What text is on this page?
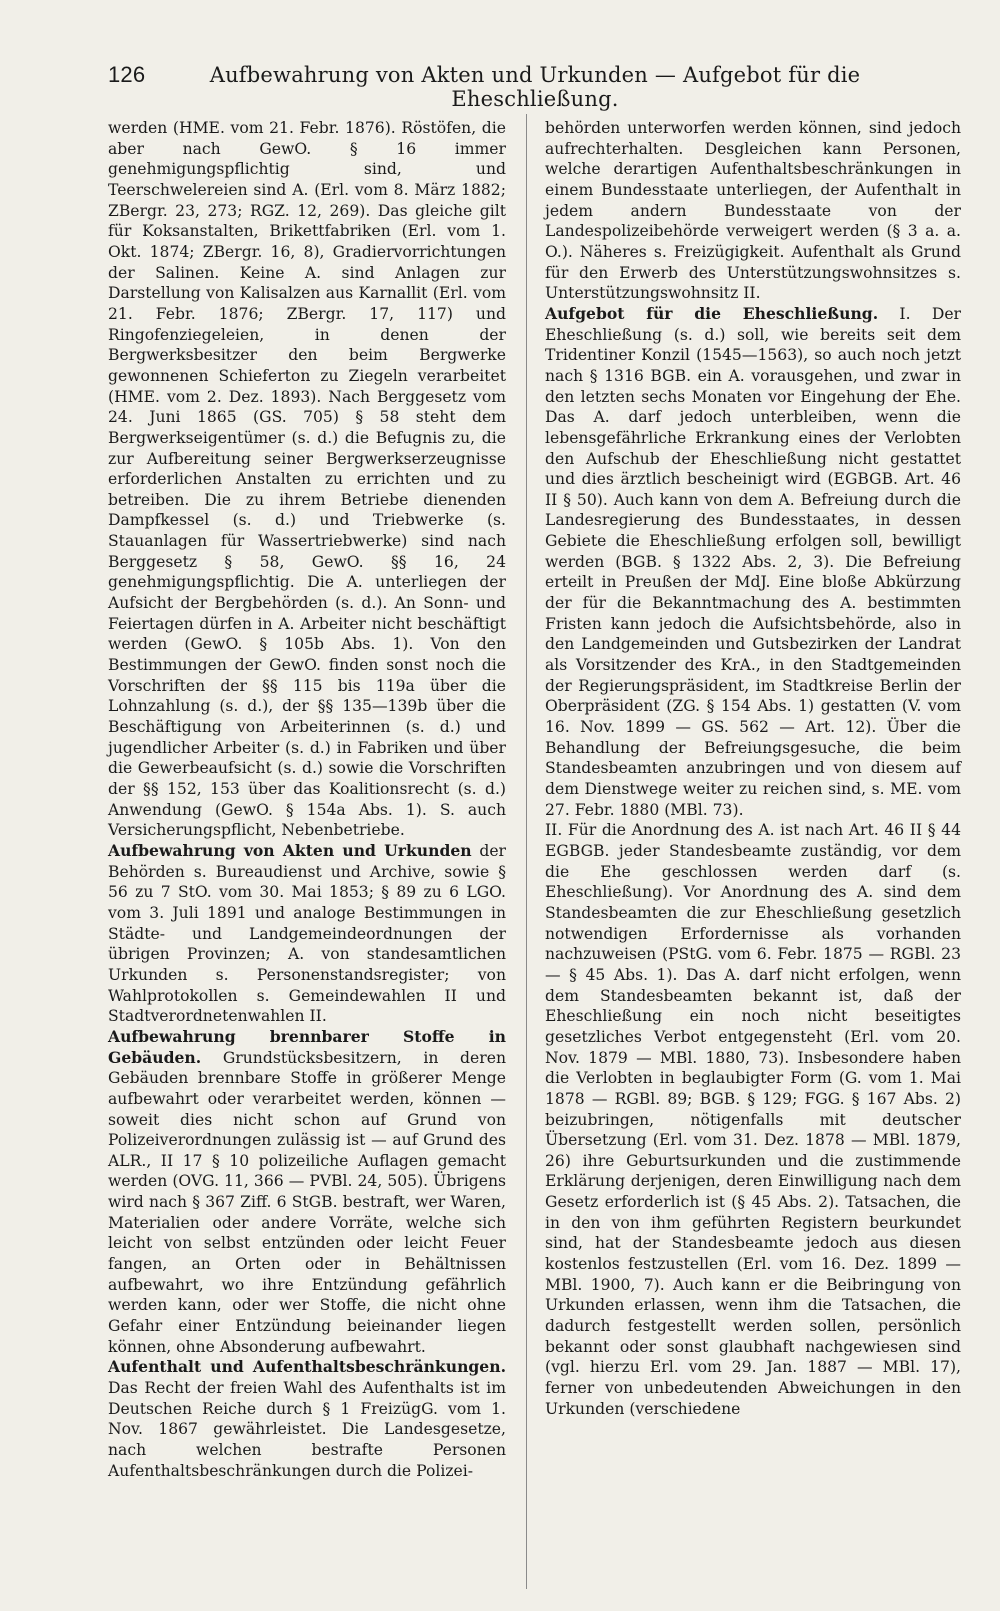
126	Aufbewahrung von Akten und Urkunden — Aufgebot für die Eheschließung.

werden (HME. vom 21. Febr. 1876). Röstöfen, die aber nach GewO. § 16 immer genehmigungspflichtig sind, und Teerschwelereien sind A. (Erl. vom 8. März 1882; ZBergr. 23, 273; RGZ. 12, 269). Das gleiche gilt für Koksanstalten, Brikettfabriken (Erl. vom 1. Okt. 1874; ZBergr. 16, 8), Gradiervorrichtungen der Salinen. Keine A. sind Anlagen zur Darstellung von Kalisalzen aus Karnallit (Erl. vom 21. Febr. 1876; ZBergr. 17, 117) und Ringofenziegeleien, in denen der Bergwerksbesitzer den beim Bergwerke gewonnenen Schieferton zu Ziegeln verarbeitet (HME. vom 2. Dez. 1893). Nach Berggesetz vom 24. Juni 1865 (GS. 705) § 58 steht dem Bergwerkseigentümer (s. d.) die Befugnis zu, die zur Aufbereitung seiner Bergwerkserzeugnisse erforderlichen Anstalten zu errichten und zu betreiben. Die zu ihrem Betriebe dienenden Dampfkessel (s. d.) und Triebwerke (s. Stauanlagen für Wassertriebwerke) sind nach Berggesetz § 58, GewO. §§ 16, 24 genehmigungspflichtig. Die A. unterliegen der Aufsicht der Bergbehörden (s. d.). An Sonn- und Feiertagen dürfen in A. Arbeiter nicht beschäftigt werden (GewO. § 105b Abs. 1). Von den Bestimmungen der GewO. finden sonst noch die Vorschriften der §§ 115 bis 119a über die Lohnzahlung (s. d.), der §§ 135—139b über die Beschäftigung von Arbeiterinnen (s. d.) und jugendlicher Arbeiter (s. d.) in Fabriken und über die Gewerbeaufsicht (s. d.) sowie die Vorschriften der §§ 152, 153 über das Koalitionsrecht (s. d.) Anwendung (GewO. § 154a Abs. 1). S. auch Versicherungspflicht, Nebenbetriebe.

Aufbewahrung von Akten und Urkunden der Behörden s. Bureaudienst und Archive, sowie § 56 zu 7 StO. vom 30. Mai 1853; § 89 zu 6 LGO. vom 3. Juli 1891 und analoge Bestimmungen in Städte- und Landgemeindeordnungen der übrigen Provinzen; A. von standesamtlichen Urkunden s. Personenstandsregister; von Wahlprotokollen s. Gemeindewahlen II und Stadtverordnetenwahlen II.

Aufbewahrung brennbarer Stoffe in Gebäuden. Grundstücksbesitzern, in deren Gebäuden brennbare Stoffe in größerer Menge aufbewahrt oder verarbeitet werden, können — soweit dies nicht schon auf Grund von Polizeiverordnungen zulässig ist — auf Grund des ALR., II 17 § 10 polizeiliche Auflagen gemacht werden (OVG. 11, 366 — PVBl. 24, 505). Übrigens wird nach § 367 Ziff. 6 StGB. bestraft, wer Waren, Materialien oder andere Vorräte, welche sich leicht von selbst entzünden oder leicht Feuer fangen, an Orten oder in Behältnissen aufbewahrt, wo ihre Entzündung gefährlich werden kann, oder wer Stoffe, die nicht ohne Gefahr einer Entzündung beieinander liegen können, ohne Absonderung aufbewahrt.

Aufenthalt und Aufenthaltsbeschränkungen. Das Recht der freien Wahl des Aufenthalts ist im Deutschen Reiche durch § 1 FreizügG. vom 1. Nov. 1867 gewährleistet. Die Landesgesetze, nach welchen bestrafte Personen Aufenthaltsbeschränkungen durch die Polizei-

behörden unterworfen werden können, sind jedoch aufrechterhalten. Desgleichen kann Personen, welche derartigen Aufenthaltsbeschränkungen in einem Bundesstaate unterliegen, der Aufenthalt in jedem andern Bundesstaate von der Landespolizeibehörde verweigert werden (§ 3 a. a. O.). Näheres s. Freizügigkeit. Aufenthalt als Grund für den Erwerb des Unterstützungswohnsitzes s. Unterstützungswohnsitz II.

Aufgebot für die Eheschließung. I. Der Eheschließung (s. d.) soll, wie bereits seit dem Tridentiner Konzil (1545—1563), so auch noch jetzt nach § 1316 BGB. ein A. vorausgehen, und zwar in den letzten sechs Monaten vor Eingehung der Ehe. Das A. darf jedoch unterbleiben, wenn die lebensgefährliche Erkrankung eines der Verlobten den Aufschub der Eheschließung nicht gestattet und dies ärztlich bescheinigt wird (EGBGB. Art. 46 II § 50). Auch kann von dem A. Befreiung durch die Landesregierung des Bundesstaates, in dessen Gebiete die Eheschließung erfolgen soll, bewilligt werden (BGB. § 1322 Abs. 2, 3). Die Befreiung erteilt in Preußen der MdJ. Eine bloße Abkürzung der für die Bekanntmachung des A. bestimmten Fristen kann jedoch die Aufsichtsbehörde, also in den Landgemeinden und Gutsbezirken der Landrat als Vorsitzender des KrA., in den Stadtgemeinden der Regierungspräsident, im Stadtkreise Berlin der Oberpräsident (ZG. § 154 Abs. 1) gestatten (V. vom 16. Nov. 1899 — GS. 562 — Art. 12). Über die Behandlung der Befreiungsgesuche, die beim Standesbeamten anzubringen und von diesem auf dem Dienstwege weiter zu reichen sind, s. ME. vom 27. Febr. 1880 (MBl. 73).

II. Für die Anordnung des A. ist nach Art. 46 II § 44 EGBGB. jeder Standesbeamte zuständig, vor dem die Ehe geschlossen werden darf (s. Eheschließung). Vor Anordnung des A. sind dem Standesbeamten die zur Eheschließung gesetzlich notwendigen Erfordernisse als vorhanden nachzuweisen (PStG. vom 6. Febr. 1875 — RGBl. 23 — § 45 Abs. 1). Das A. darf nicht erfolgen, wenn dem Standesbeamten bekannt ist, daß der Eheschließung ein noch nicht beseitigtes gesetzliches Verbot entgegensteht (Erl. vom 20. Nov. 1879 — MBl. 1880, 73). Insbesondere haben die Verlobten in beglaubigter Form (G. vom 1. Mai 1878 — RGBl. 89; BGB. § 129; FGG. § 167 Abs. 2) beizubringen, nötigenfalls mit deutscher Übersetzung (Erl. vom 31. Dez. 1878 — MBl. 1879, 26) ihre Geburtsurkunden und die zustimmende Erklärung derjenigen, deren Einwilligung nach dem Gesetz erforderlich ist (§ 45 Abs. 2). Tatsachen, die in den von ihm geführten Registern beurkundet sind, hat der Standesbeamte jedoch aus diesen kostenlos festzustellen (Erl. vom 16. Dez. 1899 — MBl. 1900, 7). Auch kann er die Beibringung von Urkunden erlassen, wenn ihm die Tatsachen, die dadurch festgestellt werden sollen, persönlich bekannt oder sonst glaubhaft nachgewiesen sind (vgl. hierzu Erl. vom 29. Jan. 1887 — MBl. 17), ferner von unbedeutenden Abweichungen in den Urkunden (verschiedene
